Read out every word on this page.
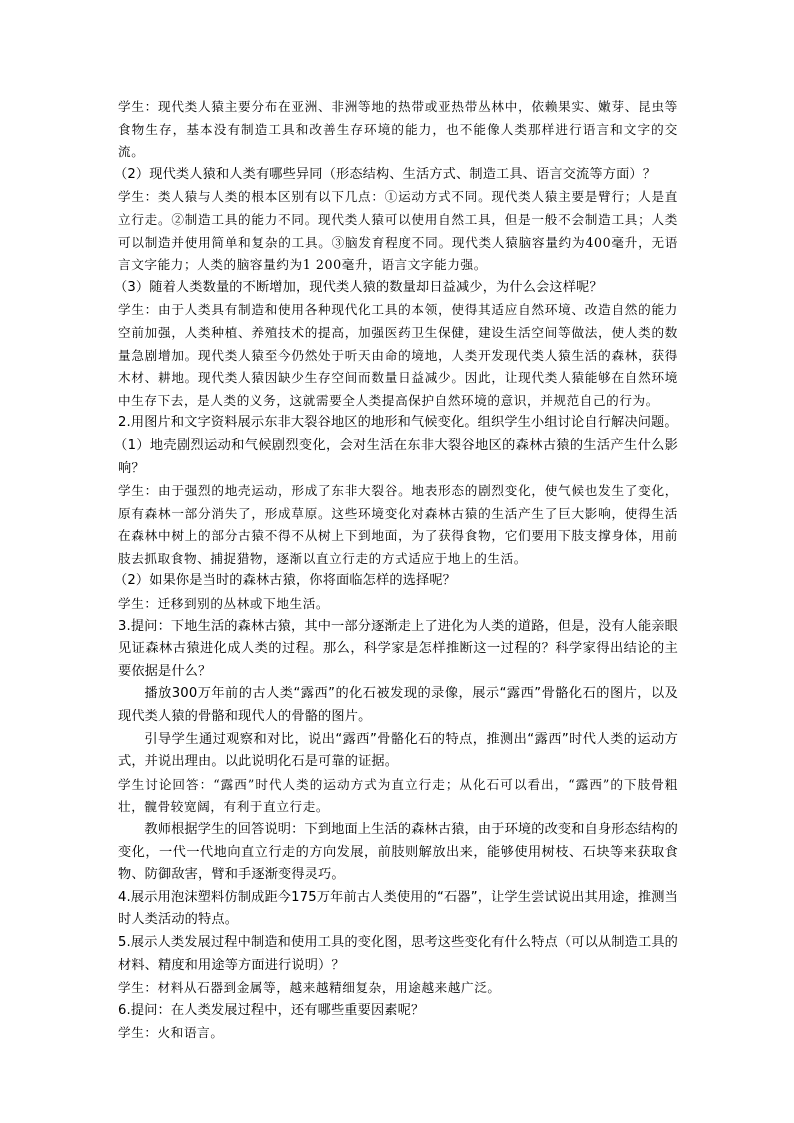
学生：现代类人猿主要分布在亚洲、非洲等地的热带或亚热带丛林中，依赖果实、嫩芽、昆虫等食物生存，基本没有制造工具和改善生存环境的能力，也不能像人类那样进行语言和文字的交流。

（2）现代类人猿和人类有哪些异同（形态结构、生活方式、制造工具、语言交流等方面）？

学生：类人猿与人类的根本区别有以下几点：①运动方式不同。现代类人猿主要是臂行；人是直立行走。②制造工具的能力不同。现代类人猿可以使用自然工具，但是一般不会制造工具；人类可以制造并使用简单和复杂的工具。③脑发育程度不同。现代类人猿脑容量约为400毫升，无语言文字能力；人类的脑容量约为1 200毫升，语言文字能力强。

（3）随着人类数量的不断增加，现代类人猿的数量却日益减少，为什么会这样呢？

学生：由于人类具有制造和使用各种现代化工具的本领，使得其适应自然环境、改造自然的能力空前加强，人类种植、养殖技术的提高，加强医药卫生保健，建设生活空间等做法，使人类的数量急剧增加。现代类人猿至今仍然处于听天由命的境地，人类开发现代类人猿生活的森林，获得木材、耕地。现代类人猿因缺少生存空间而数量日益减少。因此，让现代类人猿能够在自然环境中生存下去，是人类的义务，这就需要全人类提高保护自然环境的意识，并规范自己的行为。

2.用图片和文字资料展示东非大裂谷地区的地形和气候变化。组织学生小组讨论自行解决问题。

（1）地壳剧烈运动和气候剧烈变化，会对生活在东非大裂谷地区的森林古猿的生活产生什么影响？

学生：由于强烈的地壳运动，形成了东非大裂谷。地表形态的剧烈变化，使气候也发生了变化，原有森林一部分消失了，形成草原。这些环境变化对森林古猿的生活产生了巨大影响，使得生活在森林中树上的部分古猿不得不从树上下到地面，为了获得食物，它们要用下肢支撑身体，用前肢去抓取食物、捕捉猎物，逐渐以直立行走的方式适应于地上的生活。

（2）如果你是当时的森林古猿，你将面临怎样的选择呢？

学生：迁移到别的丛林或下地生活。

3.提问：下地生活的森林古猿，其中一部分逐渐走上了进化为人类的道路，但是，没有人能亲眼见证森林古猿进化成人类的过程。那么，科学家是怎样推断这一过程的？科学家得出结论的主要依据是什么？

播放300万年前的古人类“露西”的化石被发现的录像，展示“露西”骨骼化石的图片，以及现代类人猿的骨骼和现代人的骨骼的图片。

引导学生通过观察和对比，说出“露西”骨骼化石的特点，推测出“露西”时代人类的运动方式，并说出理由。以此说明化石是可靠的证据。

学生讨论回答：“露西”时代人类的运动方式为直立行走；从化石可以看出，“露西”的下肢骨粗壮，髋骨较宽阔，有利于直立行走。

教师根据学生的回答说明：下到地面上生活的森林古猿，由于环境的改变和自身形态结构的变化，一代一代地向直立行走的方向发展，前肢则解放出来，能够使用树枝、石块等来获取食物、防御敌害，臂和手逐渐变得灵巧。

4.展示用泡沫塑料仿制成距今175万年前古人类使用的“石器”，让学生尝试说出其用途，推测当时人类活动的特点。

5.展示人类发展过程中制造和使用工具的变化图，思考这些变化有什么特点（可以从制造工具的材料、精度和用途等方面进行说明）？

学生：材料从石器到金属等，越来越精细复杂，用途越来越广泛。

6.提问：在人类发展过程中，还有哪些重要因素呢？

学生：火和语言。
